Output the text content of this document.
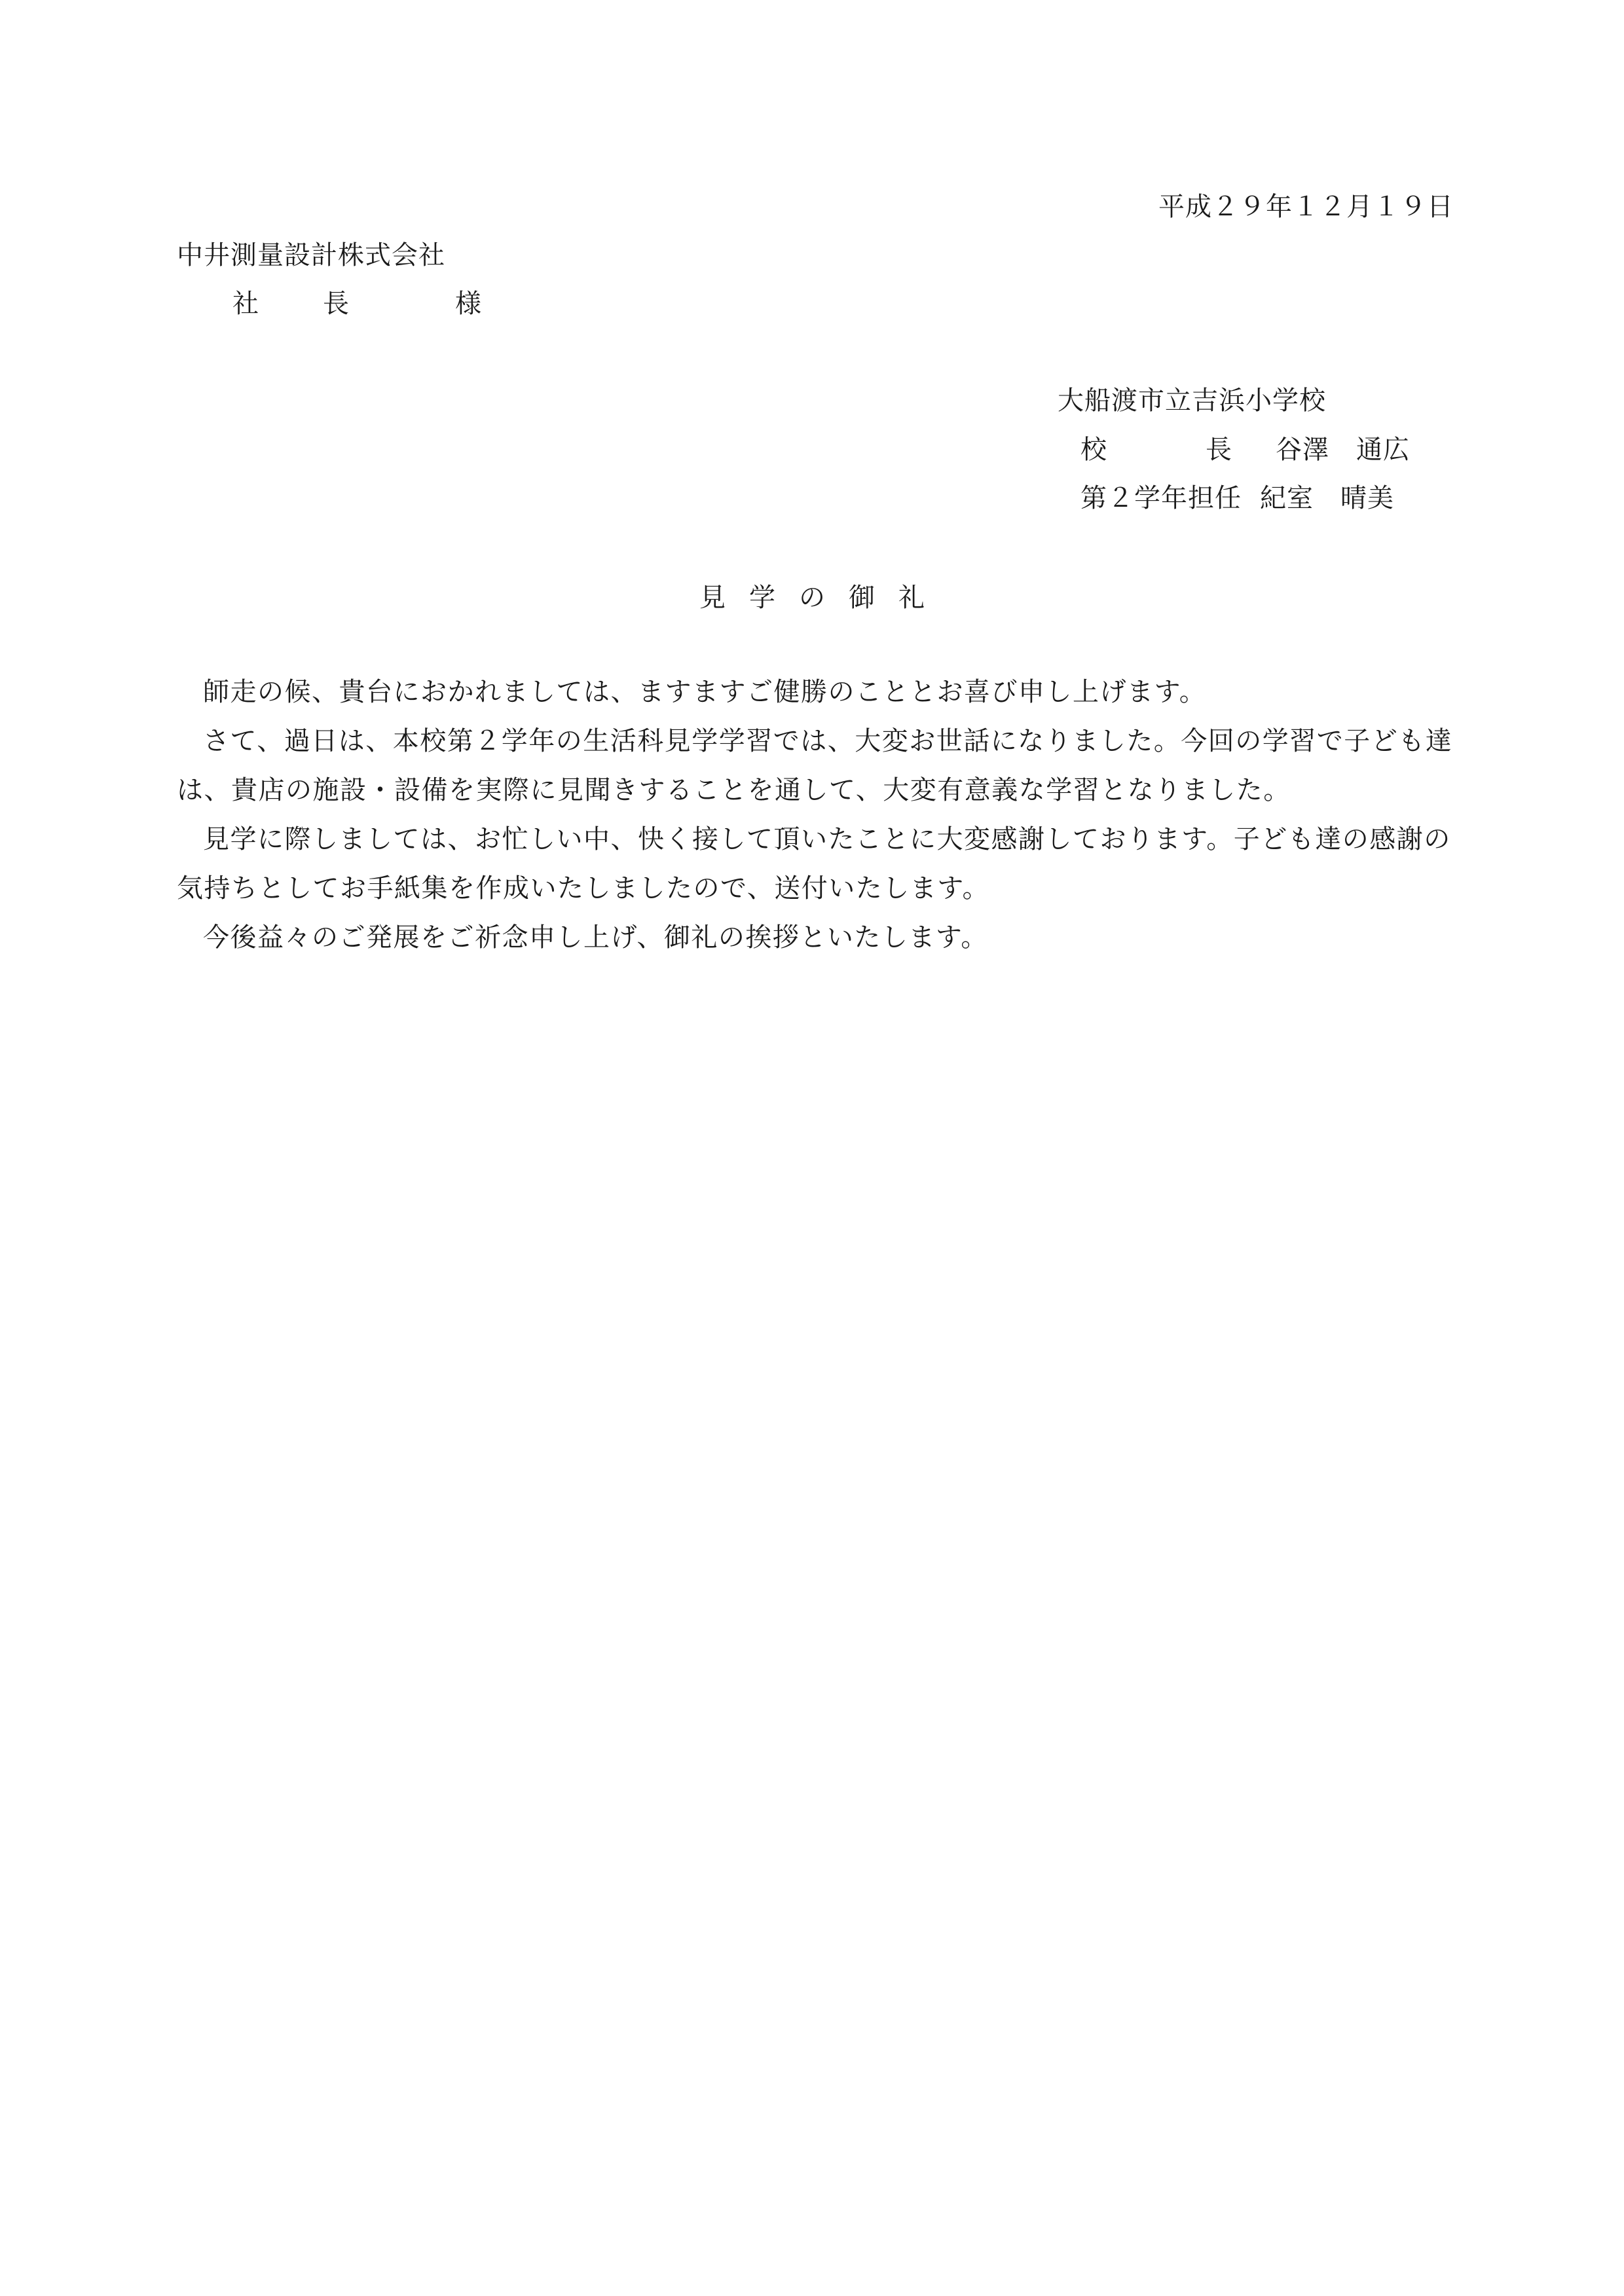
平成２９年１２月１９日
中井測量設計株式会社
社 長	様
大船渡市立吉浜小学校
校	長 谷澤　通広
第２学年担任 紀室　晴美
見学の御礼

師走の候、貴台におかれましては、ますますご健勝のこととお喜び申し上げます。

さて、過日は、本校第２学年の生活科見学学習では、大変お世話になりました。今回の学習で子ども達は、貴店の施設・設備を実際に見聞きすることを通して、大変有意義な学習となりました。

見学に際しましては、お忙しい中、快く接して頂いたことに大変感謝しております。子ども達の感謝の気持ちとしてお手紙集を作成いたしましたので、送付いたします。

今後益々のご発展をご祈念申し上げ、御礼の挨拶といたします。
